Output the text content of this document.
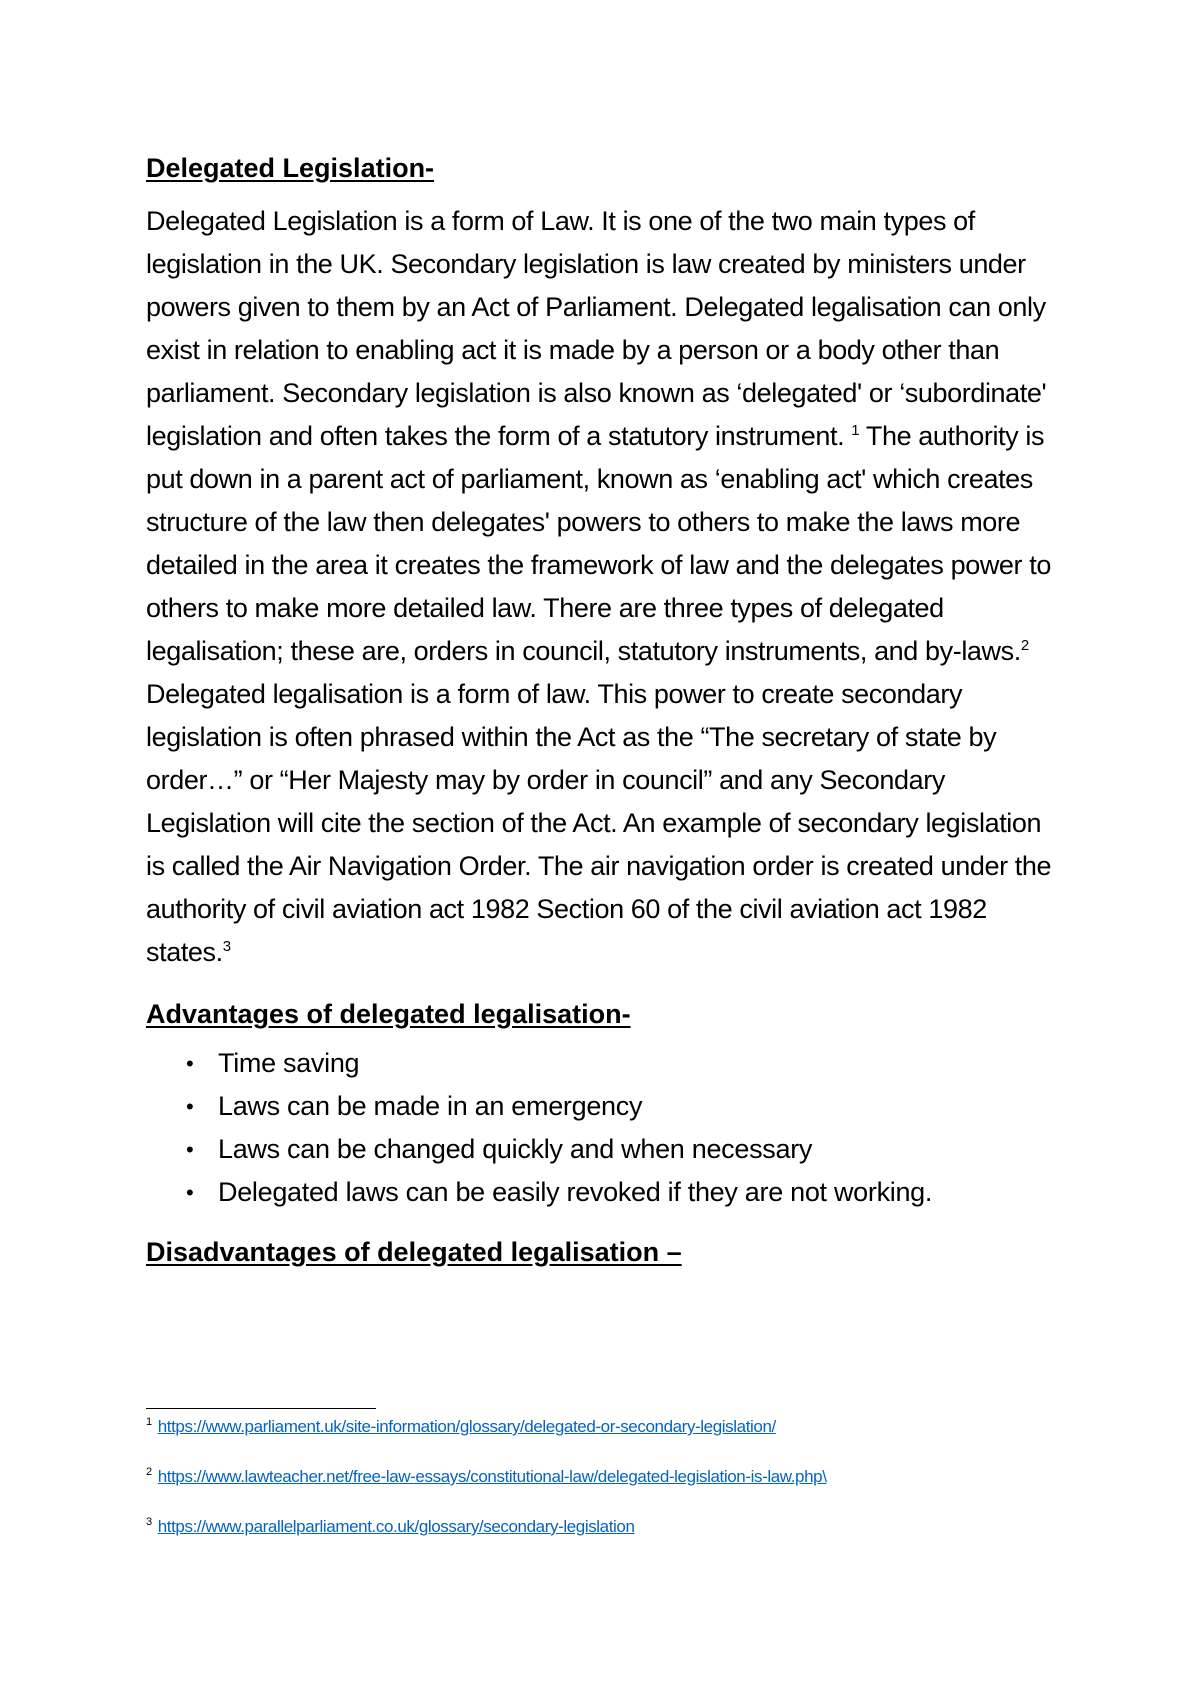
Delegated Legislation-

Delegated Legislation is a form of Law. It is one of the two main types of legislation in the UK. Secondary legislation is law created by ministers under powers given to them by an Act of Parliament. Delegated legalisation can only exist in relation to enabling act it is made by a person or a body other than parliament. Secondary legislation is also known as ‘delegated' or ‘subordinate' legislation and often takes the form of a statutory instrument. $^1$ The authority is put down in a parent act of parliament, known as ‘enabling act' which creates structure of the law then delegates' powers to others to make the laws more detailed in the area it creates the framework of law and the delegates power to others to make more detailed law. There are three types of delegated legalisation; these are, orders in council, statutory instruments, and by-laws.$^2$ Delegated legalisation is a form of law. This power to create secondary legislation is often phrased within the Act as the “The secretary of state by order…” or “Her Majesty may by order in council” and any Secondary Legislation will cite the section of the Act. An example of secondary legislation is called the Air Navigation Order. The air navigation order is created under the authority of civil aviation act 1982 Section 60 of the civil aviation act 1982 states.$^3$

Advantages of delegated legalisation-

• Time saving
• Laws can be made in an emergency
• Laws can be changed quickly and when necessary
• Delegated laws can be easily revoked if they are not working.

Disadvantages of delegated legalisation –

$^1$ https://www.parliament.uk/site-information/glossary/delegated-or-secondary-legislation/

$^2$ https://www.lawteacher.net/free-law-essays/constitutional-law/delegated-legislation-is-law.php\

$^3$ https://www.parallelparliament.co.uk/glossary/secondary-legislation
